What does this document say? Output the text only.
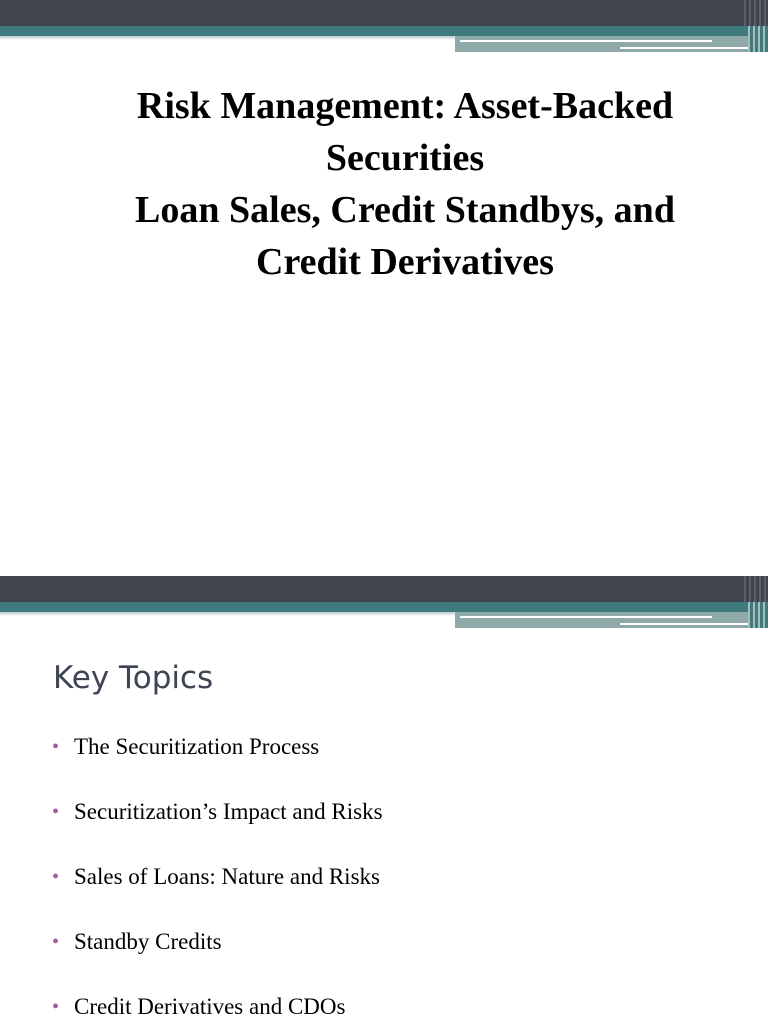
Risk Management: Asset-Backed
Securities
Loan Sales, Credit Standbys, and
Credit Derivatives
Key Topics
• The Securitization Process
• Securitization’s Impact and Risks
• Sales of Loans: Nature and Risks
• Standby Credits
• Credit Derivatives and CDOs
